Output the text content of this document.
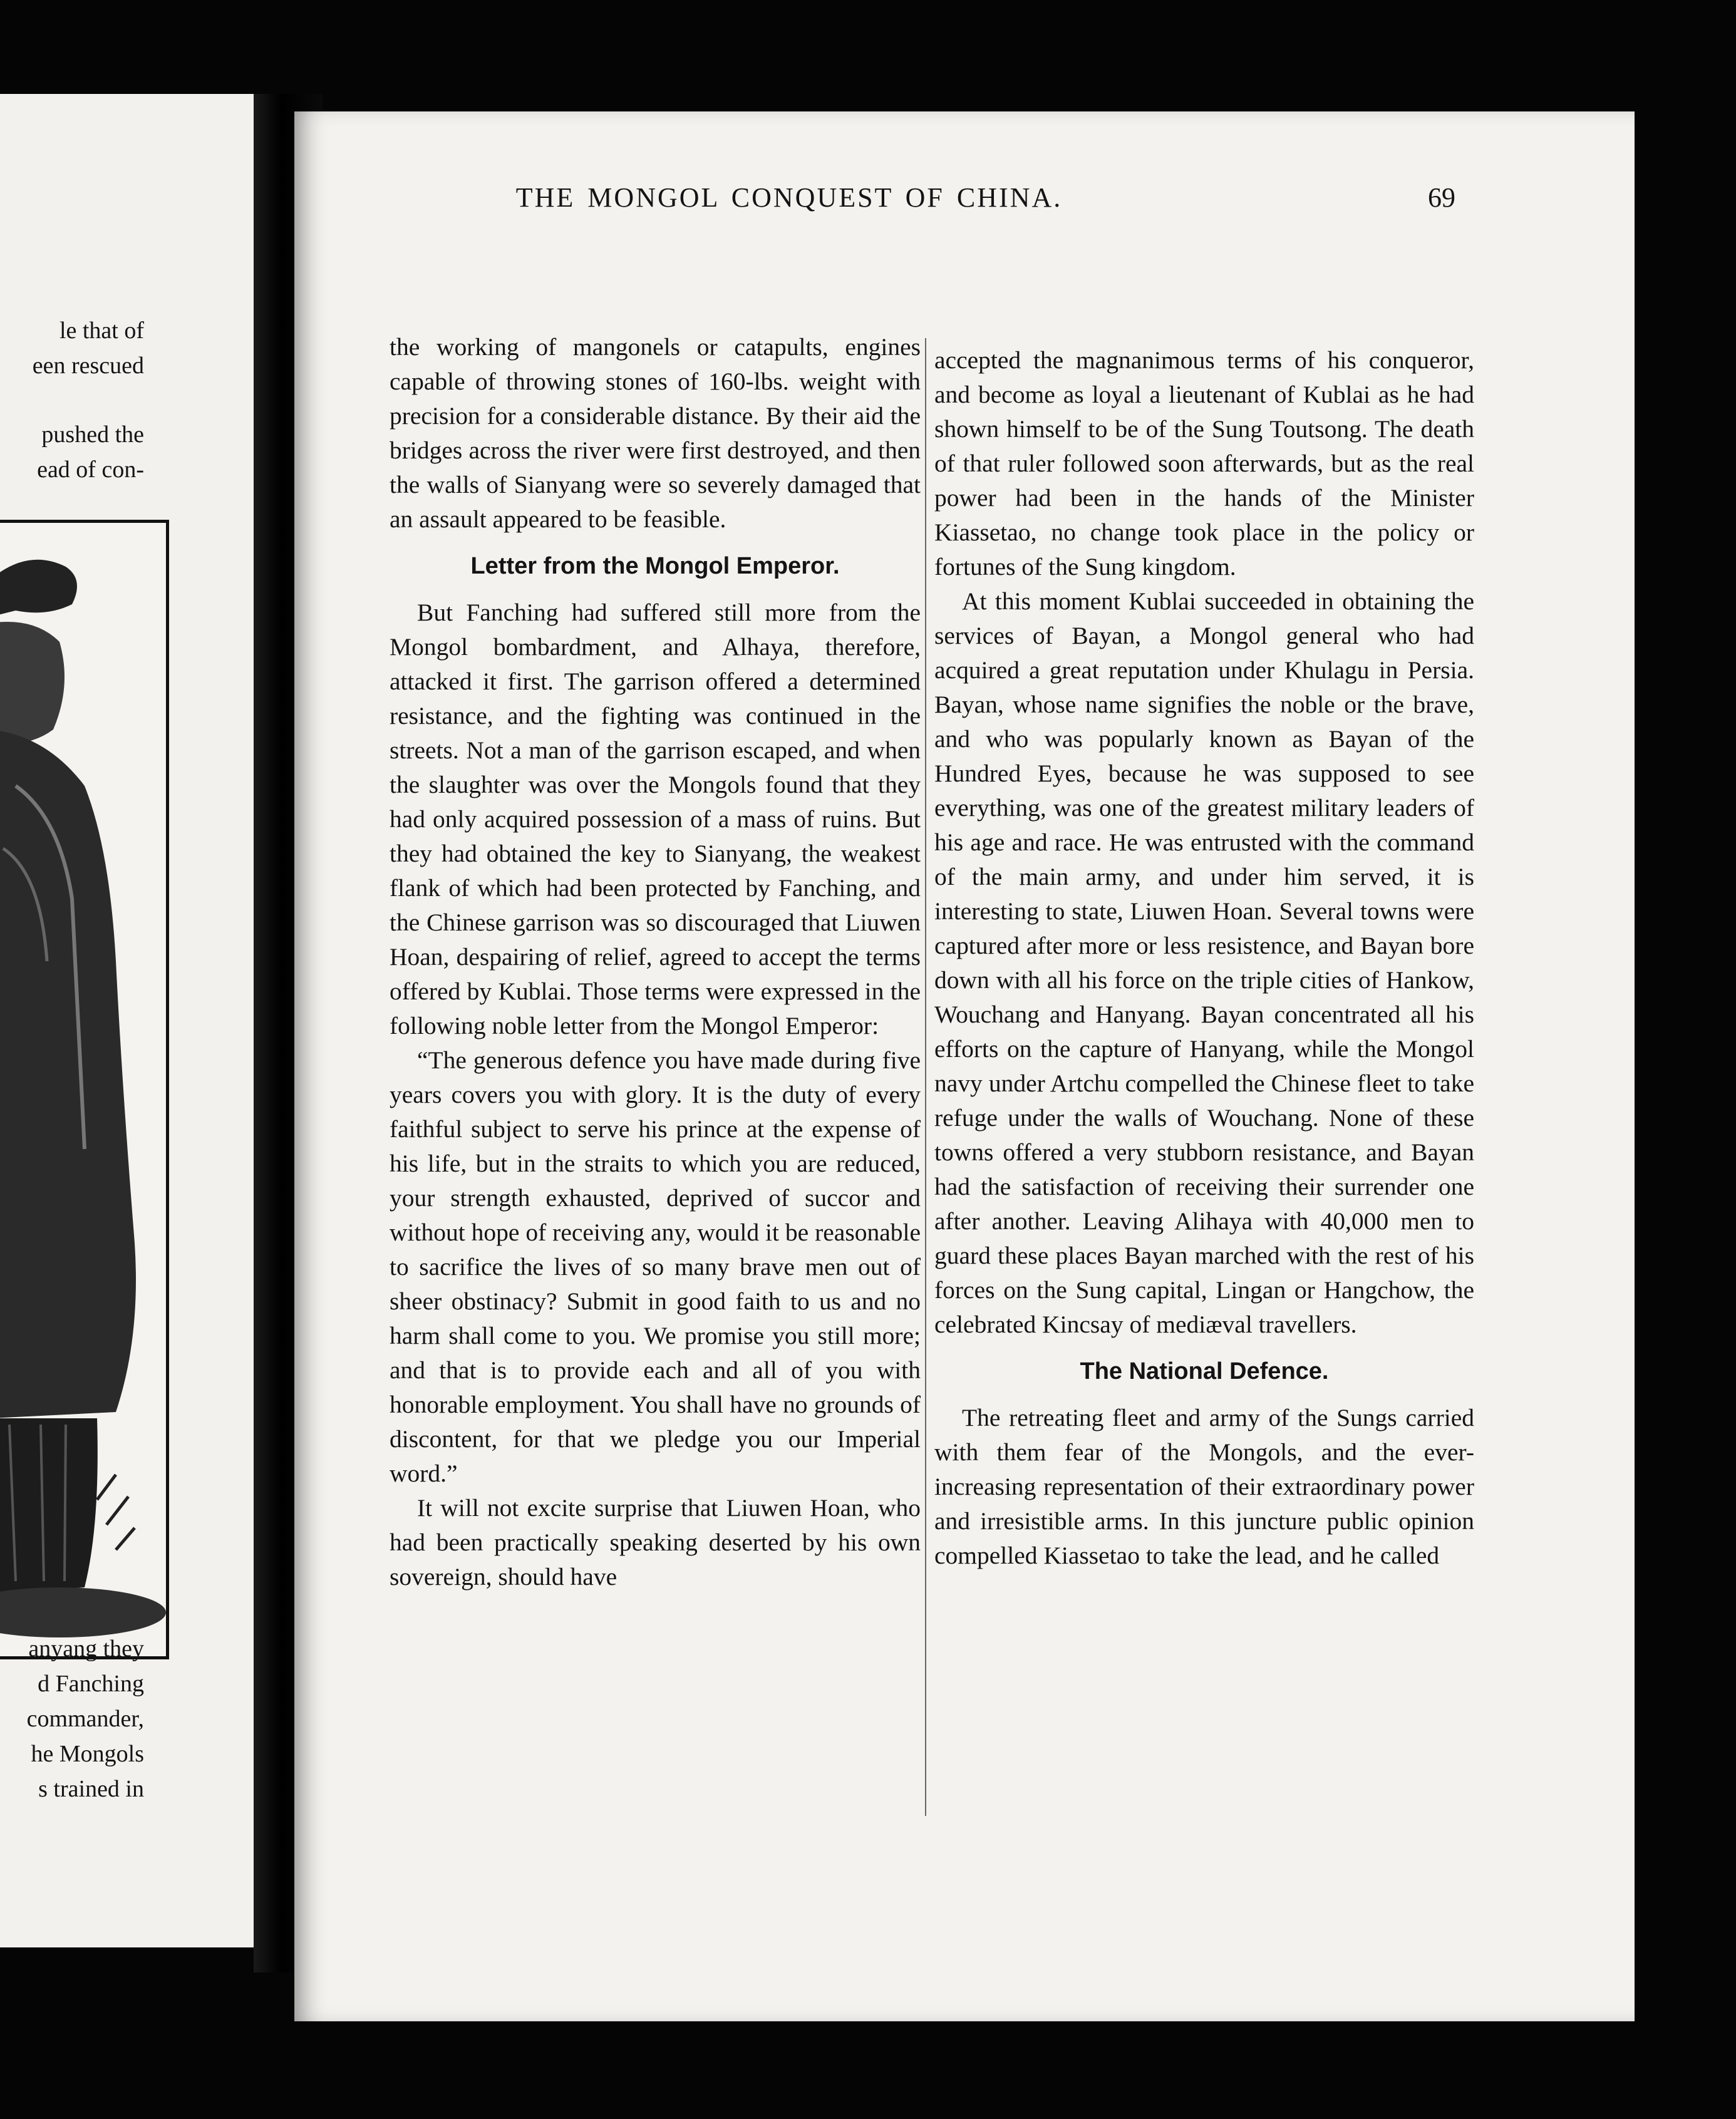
le that of
een rescued
pushed the
ead of con-
anyang they
d Fanching
commander,
he Mongols
s trained in
THE MONGOL CONQUEST OF CHINA.	69

the working of mangonels or catapults, engines capable of throwing stones of 160-lbs. weight with precision for a considerable distance. By their aid the bridges across the river were first destroyed, and then the walls of Sianyang were so severely damaged that an assault appeared to be feasible.

Letter from the Mongol Emperor.

But Fanching had suffered still more from the Mongol bombardment, and Alhaya, therefore, attacked it first. The garrison offered a determined resistance, and the fighting was continued in the streets. Not a man of the garrison escaped, and when the slaughter was over the Mongols found that they had only acquired possession of a mass of ruins. But they had obtained the key to Sianyang, the weakest flank of which had been protected by Fanching, and the Chinese garrison was so discouraged that Liuwen Hoan, despairing of relief, agreed to accept the terms offered by Kublai. Those terms were expressed in the following noble letter from the Mongol Emperor:

“The generous defence you have made during five years covers you with glory. It is the duty of every faithful subject to serve his prince at the expense of his life, but in the straits to which you are reduced, your strength exhausted, deprived of succor and without hope of receiving any, would it be reasonable to sacrifice the lives of so many brave men out of sheer obstinacy? Submit in good faith to us and no harm shall come to you. We promise you still more; and that is to provide each and all of you with honorable employment. You shall have no grounds of discontent, for that we pledge you our Imperial word.”

It will not excite surprise that Liuwen Hoan, who had been practically speaking deserted by his own sovereign, should have

accepted the magnanimous terms of his conqueror, and become as loyal a lieutenant of Kublai as he had shown himself to be of the Sung Toutsong. The death of that ruler followed soon afterwards, but as the real power had been in the hands of the Minister Kiassetao, no change took place in the policy or fortunes of the Sung kingdom.

At this moment Kublai succeeded in obtaining the services of Bayan, a Mongol general who had acquired a great reputation under Khulagu in Persia. Bayan, whose name signifies the noble or the brave, and who was popularly known as Bayan of the Hundred Eyes, because he was supposed to see everything, was one of the greatest military leaders of his age and race. He was entrusted with the command of the main army, and under him served, it is interesting to state, Liuwen Hoan. Several towns were captured after more or less resistence, and Bayan bore down with all his force on the triple cities of Hankow, Wouchang and Hanyang. Bayan concentrated all his efforts on the capture of Hanyang, while the Mongol navy under Artchu compelled the Chinese fleet to take refuge under the walls of Wouchang. None of these towns offered a very stubborn resistance, and Bayan had the satisfaction of receiving their surrender one after another. Leaving Alihaya with 40,000 men to guard these places Bayan marched with the rest of his forces on the Sung capital, Lingan or Hangchow, the celebrated Kincsay of mediæval travellers.

The National Defence.

The retreating fleet and army of the Sungs carried with them fear of the Mongols, and the ever-increasing representation of their extraordinary power and irresistible arms. In this juncture public opinion compelled Kiassetao to take the lead, and he called
